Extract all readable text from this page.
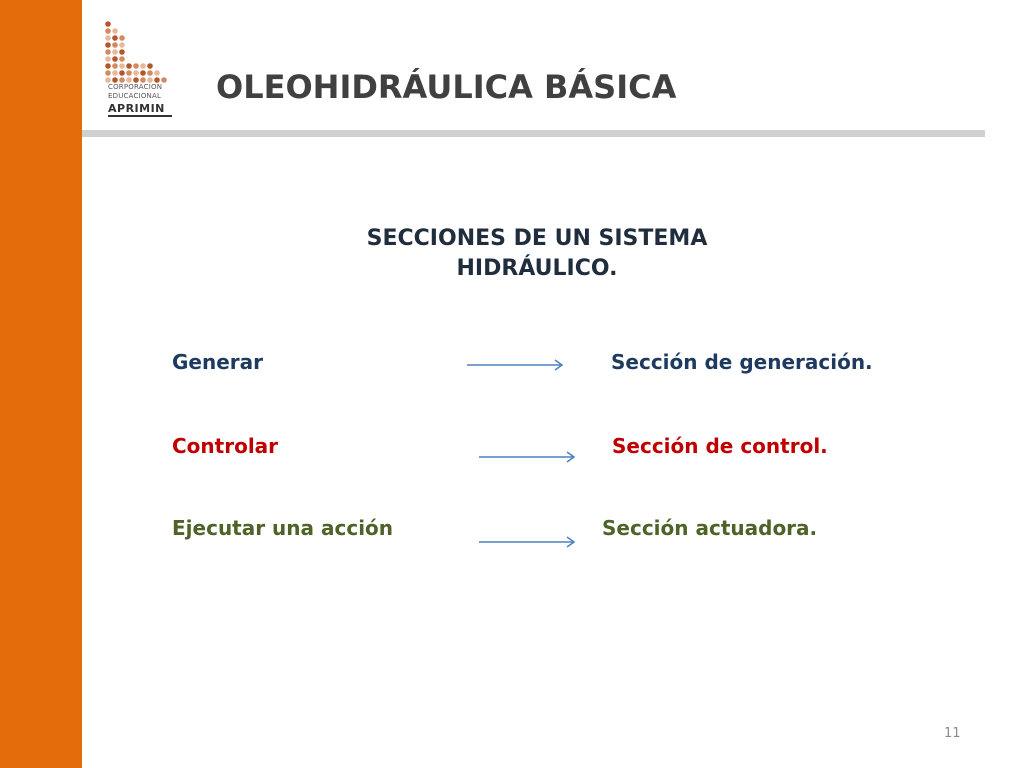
CORPORACION
EDUCACIONAL
APRIMIN
OLEOHIDRÁULICA BÁSICA
SECCIONES DE UN SISTEMA
HIDRÁULICO.
Generar	Sección de generación.
Controlar	Sección de control.
Ejecutar una acción	Sección actuadora.
11
